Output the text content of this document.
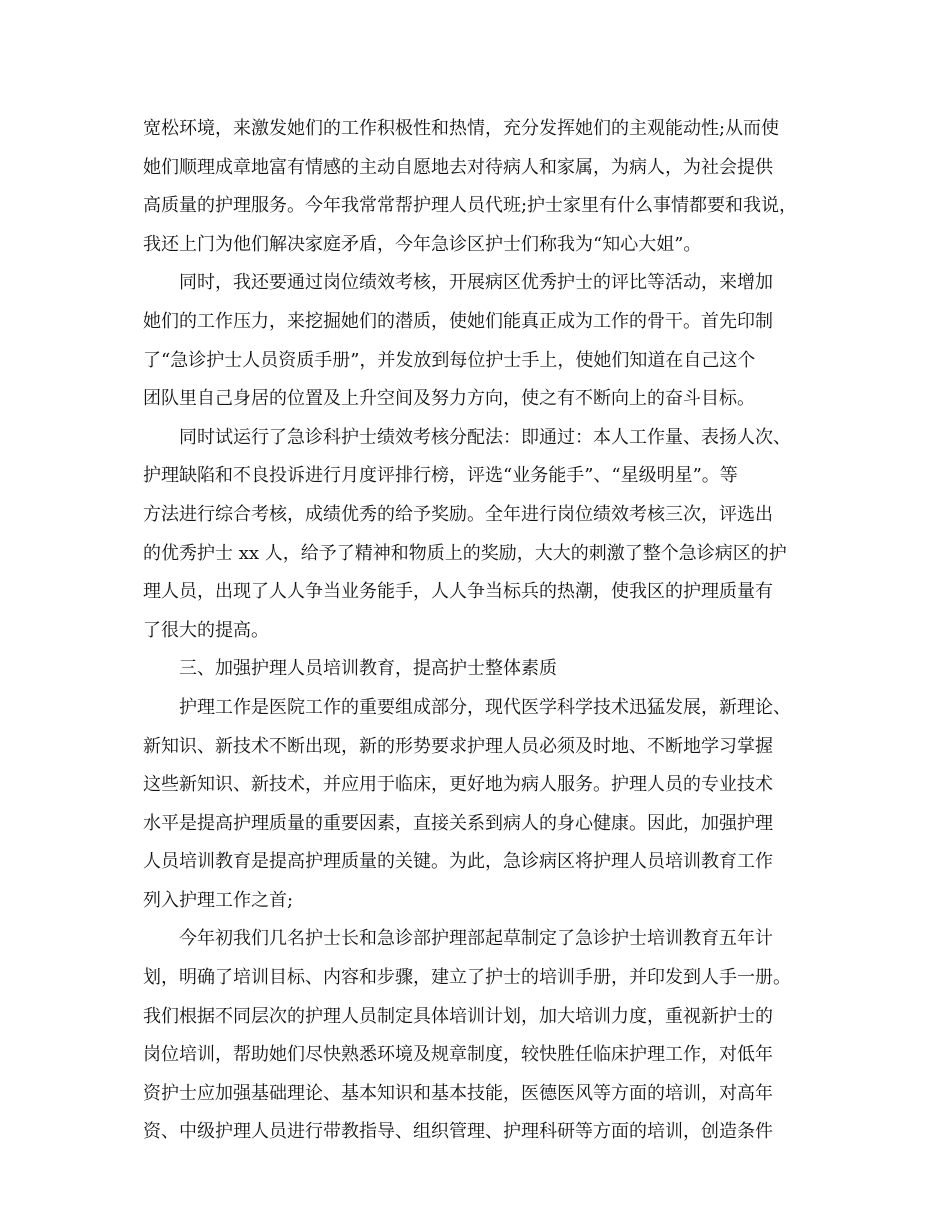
宽松环境，来激发她们的工作积极性和热情，充分发挥她们的主观能动性;从而使
她们顺理成章地富有情感的主动自愿地去对待病人和家属，为病人，为社会提供
高质量的护理服务。今年我常常帮护理人员代班;护士家里有什么事情都要和我说，
我还上门为他们解决家庭矛盾，今年急诊区护士们称我为“知心大姐”。
同时，我还要通过岗位绩效考核，开展病区优秀护士的评比等活动，来增加
她们的工作压力，来挖掘她们的潜质，使她们能真正成为工作的骨干。首先印制
了“急诊护士人员资质手册”，并发放到每位护士手上，使她们知道在自己这个
团队里自己身居的位置及上升空间及努力方向，使之有不断向上的奋斗目标。
同时试运行了急诊科护士绩效考核分配法：即通过：本人工作量、表扬人次、
护理缺陷和不良投诉进行月度评排行榜，评选“业务能手”、“星级明星”。等
方法进行综合考核，成绩优秀的给予奖励。全年进行岗位绩效考核三次，评选出
的优秀护士 xx 人，给予了精神和物质上的奖励，大大的刺激了整个急诊病区的护
理人员，出现了人人争当业务能手，人人争当标兵的热潮，使我区的护理质量有
了很大的提高。
三、加强护理人员培训教育，提高护士整体素质
护理工作是医院工作的重要组成部分，现代医学科学技术迅猛发展，新理论、
新知识、新技术不断出现，新的形势要求护理人员必须及时地、不断地学习掌握
这些新知识、新技术，并应用于临床，更好地为病人服务。护理人员的专业技术
水平是提高护理质量的重要因素，直接关系到病人的身心健康。因此，加强护理
人员培训教育是提高护理质量的关键。为此，急诊病区将护理人员培训教育工作
列入护理工作之首;
今年初我们几名护士长和急诊部护理部起草制定了急诊护士培训教育五年计
划，明确了培训目标、内容和步骤，建立了护士的培训手册，并印发到人手一册。
我们根据不同层次的护理人员制定具体培训计划，加大培训力度，重视新护士的
岗位培训，帮助她们尽快熟悉环境及规章制度，较快胜任临床护理工作，对低年
资护士应加强基础理论、基本知识和基本技能，医德医风等方面的培训，对高年
资、中级护理人员进行带教指导、组织管理、护理科研等方面的培训，创造条件
